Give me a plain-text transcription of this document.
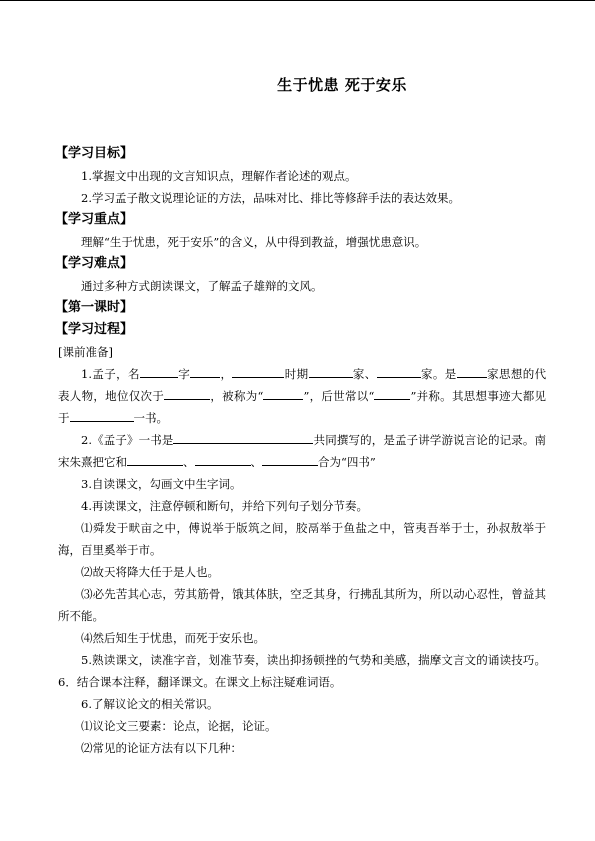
生于忧患 死于安乐
【学习目标】
1.掌握文中出现的文言知识点，理解作者论述的观点。
2.学习孟子散文说理论证的方法，品味对比、排比等修辞手法的表达效果。
【学习重点】
理解“生于忧患，死于安乐”的含义，从中得到教益，增强忧患意识。
【学习难点】
通过多种方式朗读课文，了解孟子雄辩的文风。
【第一课时】
【学习过程】
[课前准备]
1.孟子，名	字	，	时期	家、	家。是	家思想的代表人物，地位仅次于	，被称为“	”，后世常以“	”并称。其思想事迹大都见于	一书。
2.《孟子》一书是	共同撰写的，是孟子讲学游说言论的记录。南宋朱熹把它和	、	、	合为“四书”
3.自读课文，勾画文中生字词。
4.再读课文，注意停顿和断句，并给下列句子划分节奏。
⑴舜发于畎亩之中，傅说举于版筑之间，胶鬲举于鱼盐之中，管夷吾举于士，孙叔敖举于海，百里奚举于市。
⑵故天将降大任于是人也。
⑶必先苦其心志，劳其筋骨，饿其体肤，空乏其身，行拂乱其所为，所以动心忍性，曾益其所不能。
⑷然后知生于忧患，而死于安乐也。
5.熟读课文，读准字音，划准节奏，读出抑扬顿挫的气势和美感，揣摩文言文的诵读技巧。6．结合课本注释，翻译课文。在课文上标注疑难词语。
6.了解议论文的相关常识。
⑴议论文三要素：论点，论据，论证。
⑵常见的论证方法有以下几种：
